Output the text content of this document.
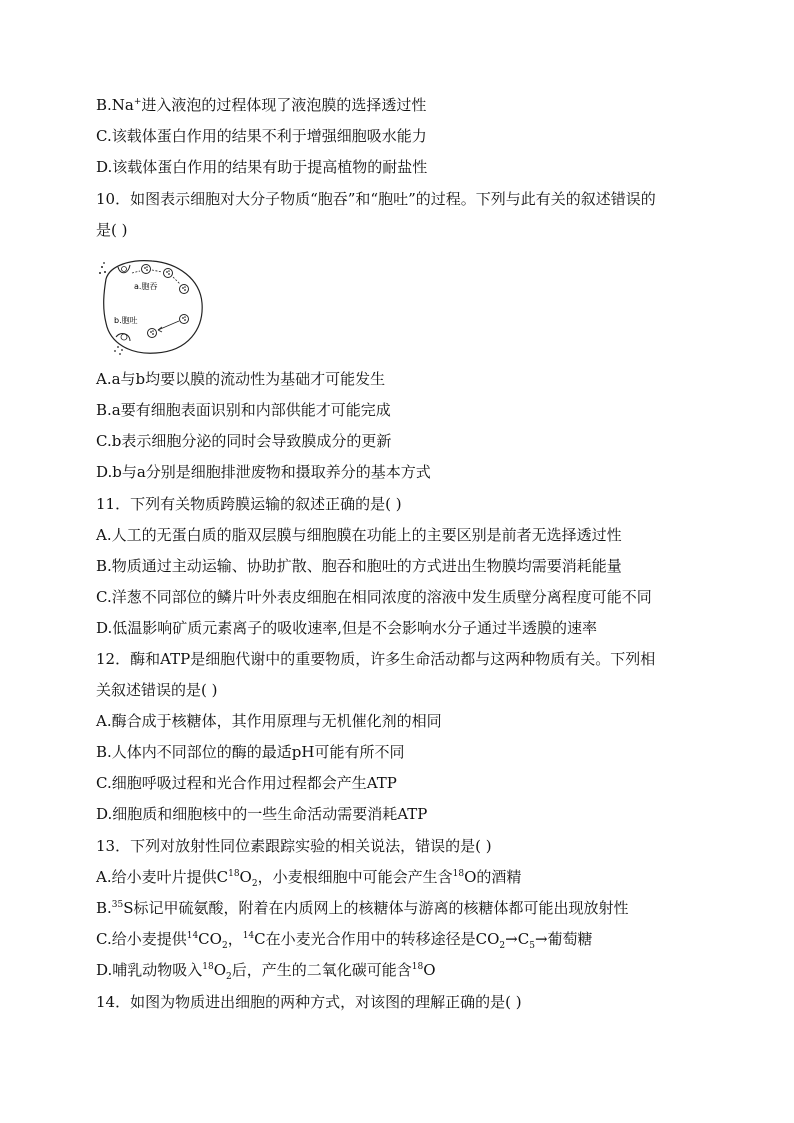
B.Na+进入液泡的过程体现了液泡膜的选择透过性
C.该载体蛋白作用的结果不利于增强细胞吸水能力
D.该载体蛋白作用的结果有助于提高植物的耐盐性
10．如图表示细胞对大分子物质“胞吞”和“胞吐”的过程。下列与此有关的叙述错误的
是( )
a.胞吞
b.胞吐
A.a与b均要以膜的流动性为基础才可能发生
B.a要有细胞表面识别和内部供能才可能完成
C.b表示细胞分泌的同时会导致膜成分的更新
D.b与a分别是细胞排泄废物和摄取养分的基本方式
11．下列有关物质跨膜运输的叙述正确的是( )
A.人工的无蛋白质的脂双层膜与细胞膜在功能上的主要区别是前者无选择透过性
B.物质通过主动运输、协助扩散、胞吞和胞吐的方式进出生物膜均需要消耗能量
C.洋葱不同部位的鳞片叶外表皮细胞在相同浓度的溶液中发生质壁分离程度可能不同
D.低温影响矿质元素离子的吸收速率,但是不会影响水分子通过半透膜的速率
12．酶和ATP是细胞代谢中的重要物质，许多生命活动都与这两种物质有关。下列相
关叙述错误的是( )
A.酶合成于核糖体，其作用原理与无机催化剂的相同
B.人体内不同部位的酶的最适pH可能有所不同
C.细胞呼吸过程和光合作用过程都会产生ATP
D.细胞质和细胞核中的一些生命活动需要消耗ATP
13．下列对放射性同位素跟踪实验的相关说法，错误的是( )
A.给小麦叶片提供$C^{18}O_2$，小麦根细胞中可能会产生含$^{18}$O的酒精
B.$^{35}$S标记甲硫氨酸，附着在内质网上的核糖体与游离的核糖体都可能出现放射性
C.给小麦提供$^{14}CO_2$，$^{14}$C在小麦光合作用中的转移途径是$CO_2\to C_5\to$葡萄糖
D.哺乳动物吸入$^{18}O_2$后，产生的二氧化碳可能含$^{18}$O
14．如图为物质进出细胞的两种方式，对该图的理解正确的是( )
